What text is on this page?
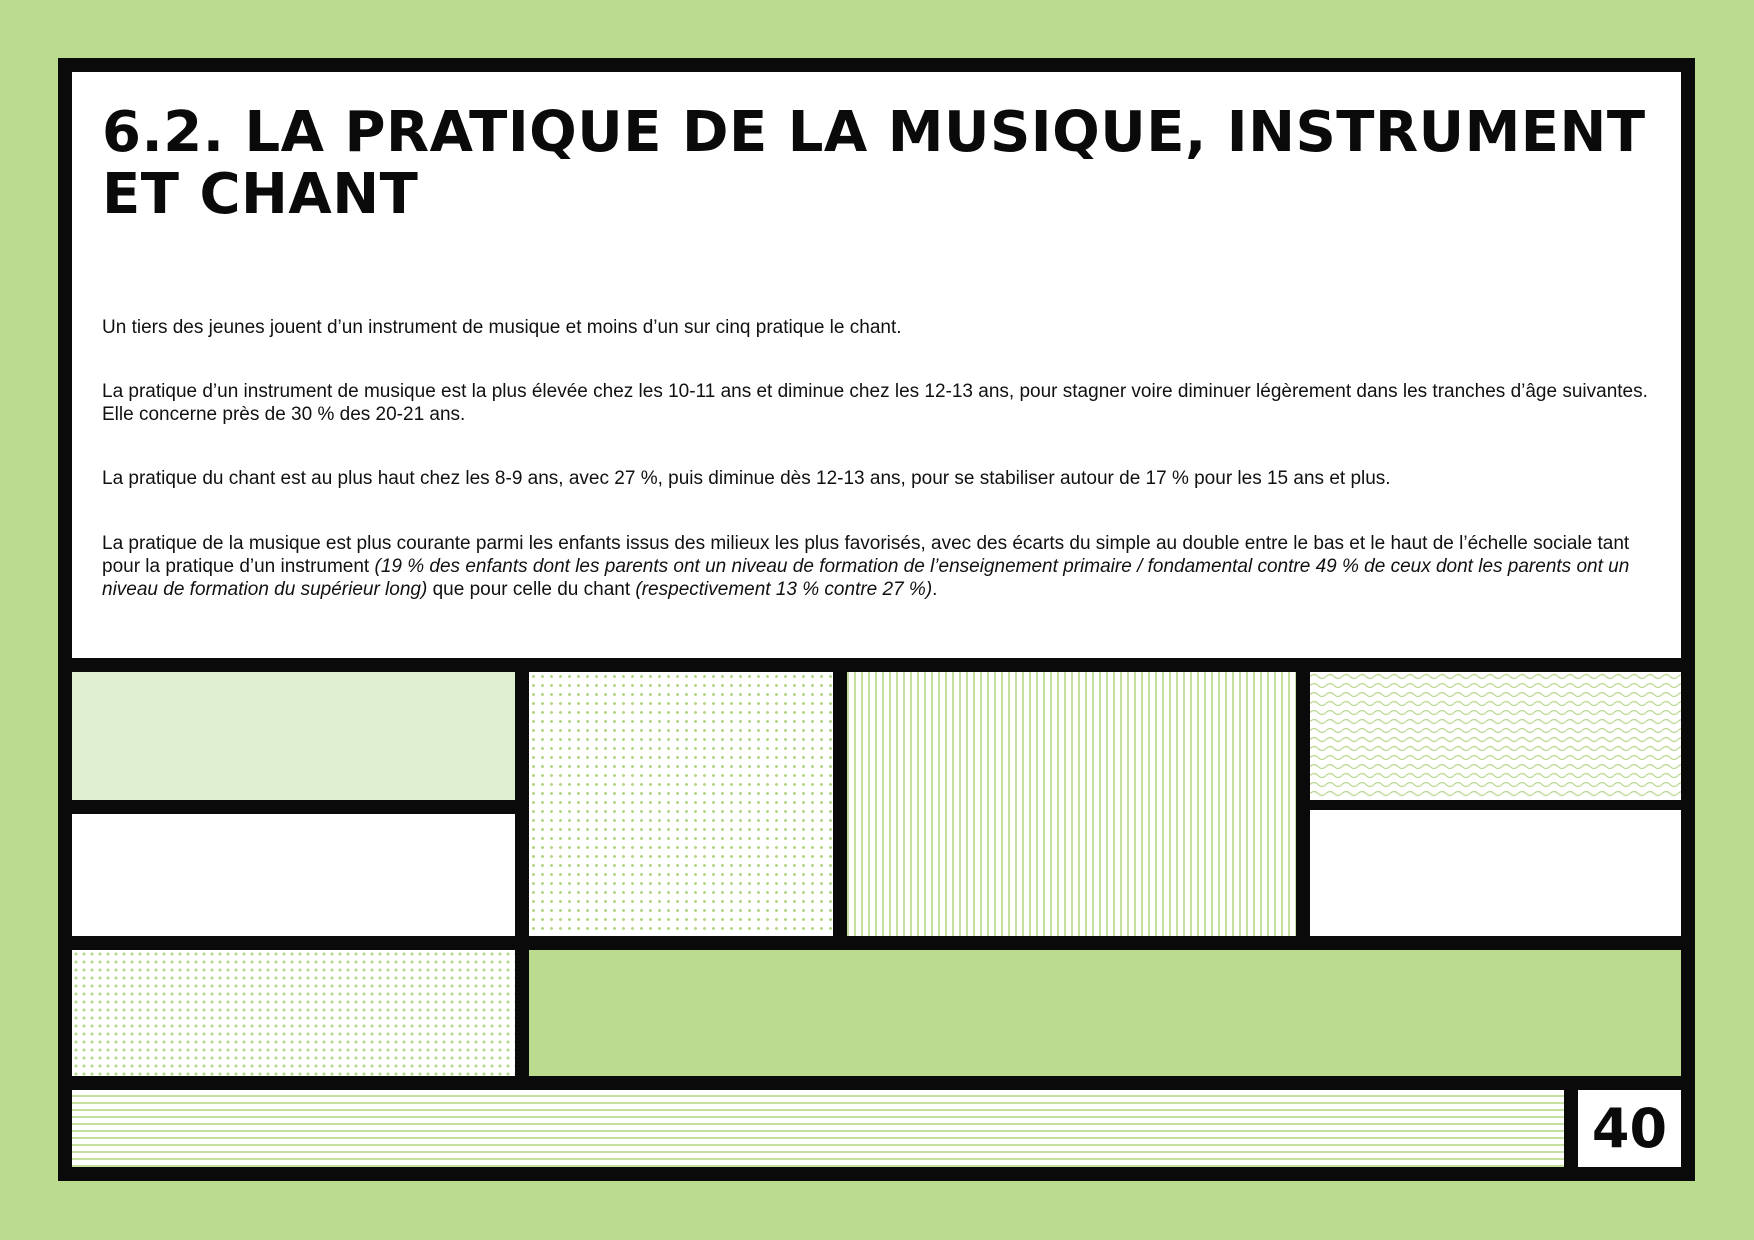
6.2. LA PRATIQUE DE LA MUSIQUE, INSTRUMENT ET CHANT

Un tiers des jeunes jouent d’un instrument de musique et moins d’un sur cinq pratique le chant.

La pratique d’un instrument de musique est la plus élevée chez les 10-11 ans et diminue chez les 12-13 ans, pour stagner voire diminuer légèrement dans les tranches d’âge suivantes. Elle concerne près de 30 % des 20-21 ans.

La pratique du chant est au plus haut chez les 8-9 ans, avec 27 %, puis diminue dès 12-13 ans, pour se stabiliser autour de 17 % pour les 15 ans et plus.

La pratique de la musique est plus courante parmi les enfants issus des milieux les plus favorisés, avec des écarts du simple au double entre le bas et le haut de l’échelle sociale tant pour la pratique d’un instrument (19 % des enfants dont les parents ont un niveau de formation de l’enseignement primaire / fondamental contre 49 % de ceux dont les parents ont un niveau de formation du supérieur long) que pour celle du chant (respectivement 13 % contre 27 %).

40
